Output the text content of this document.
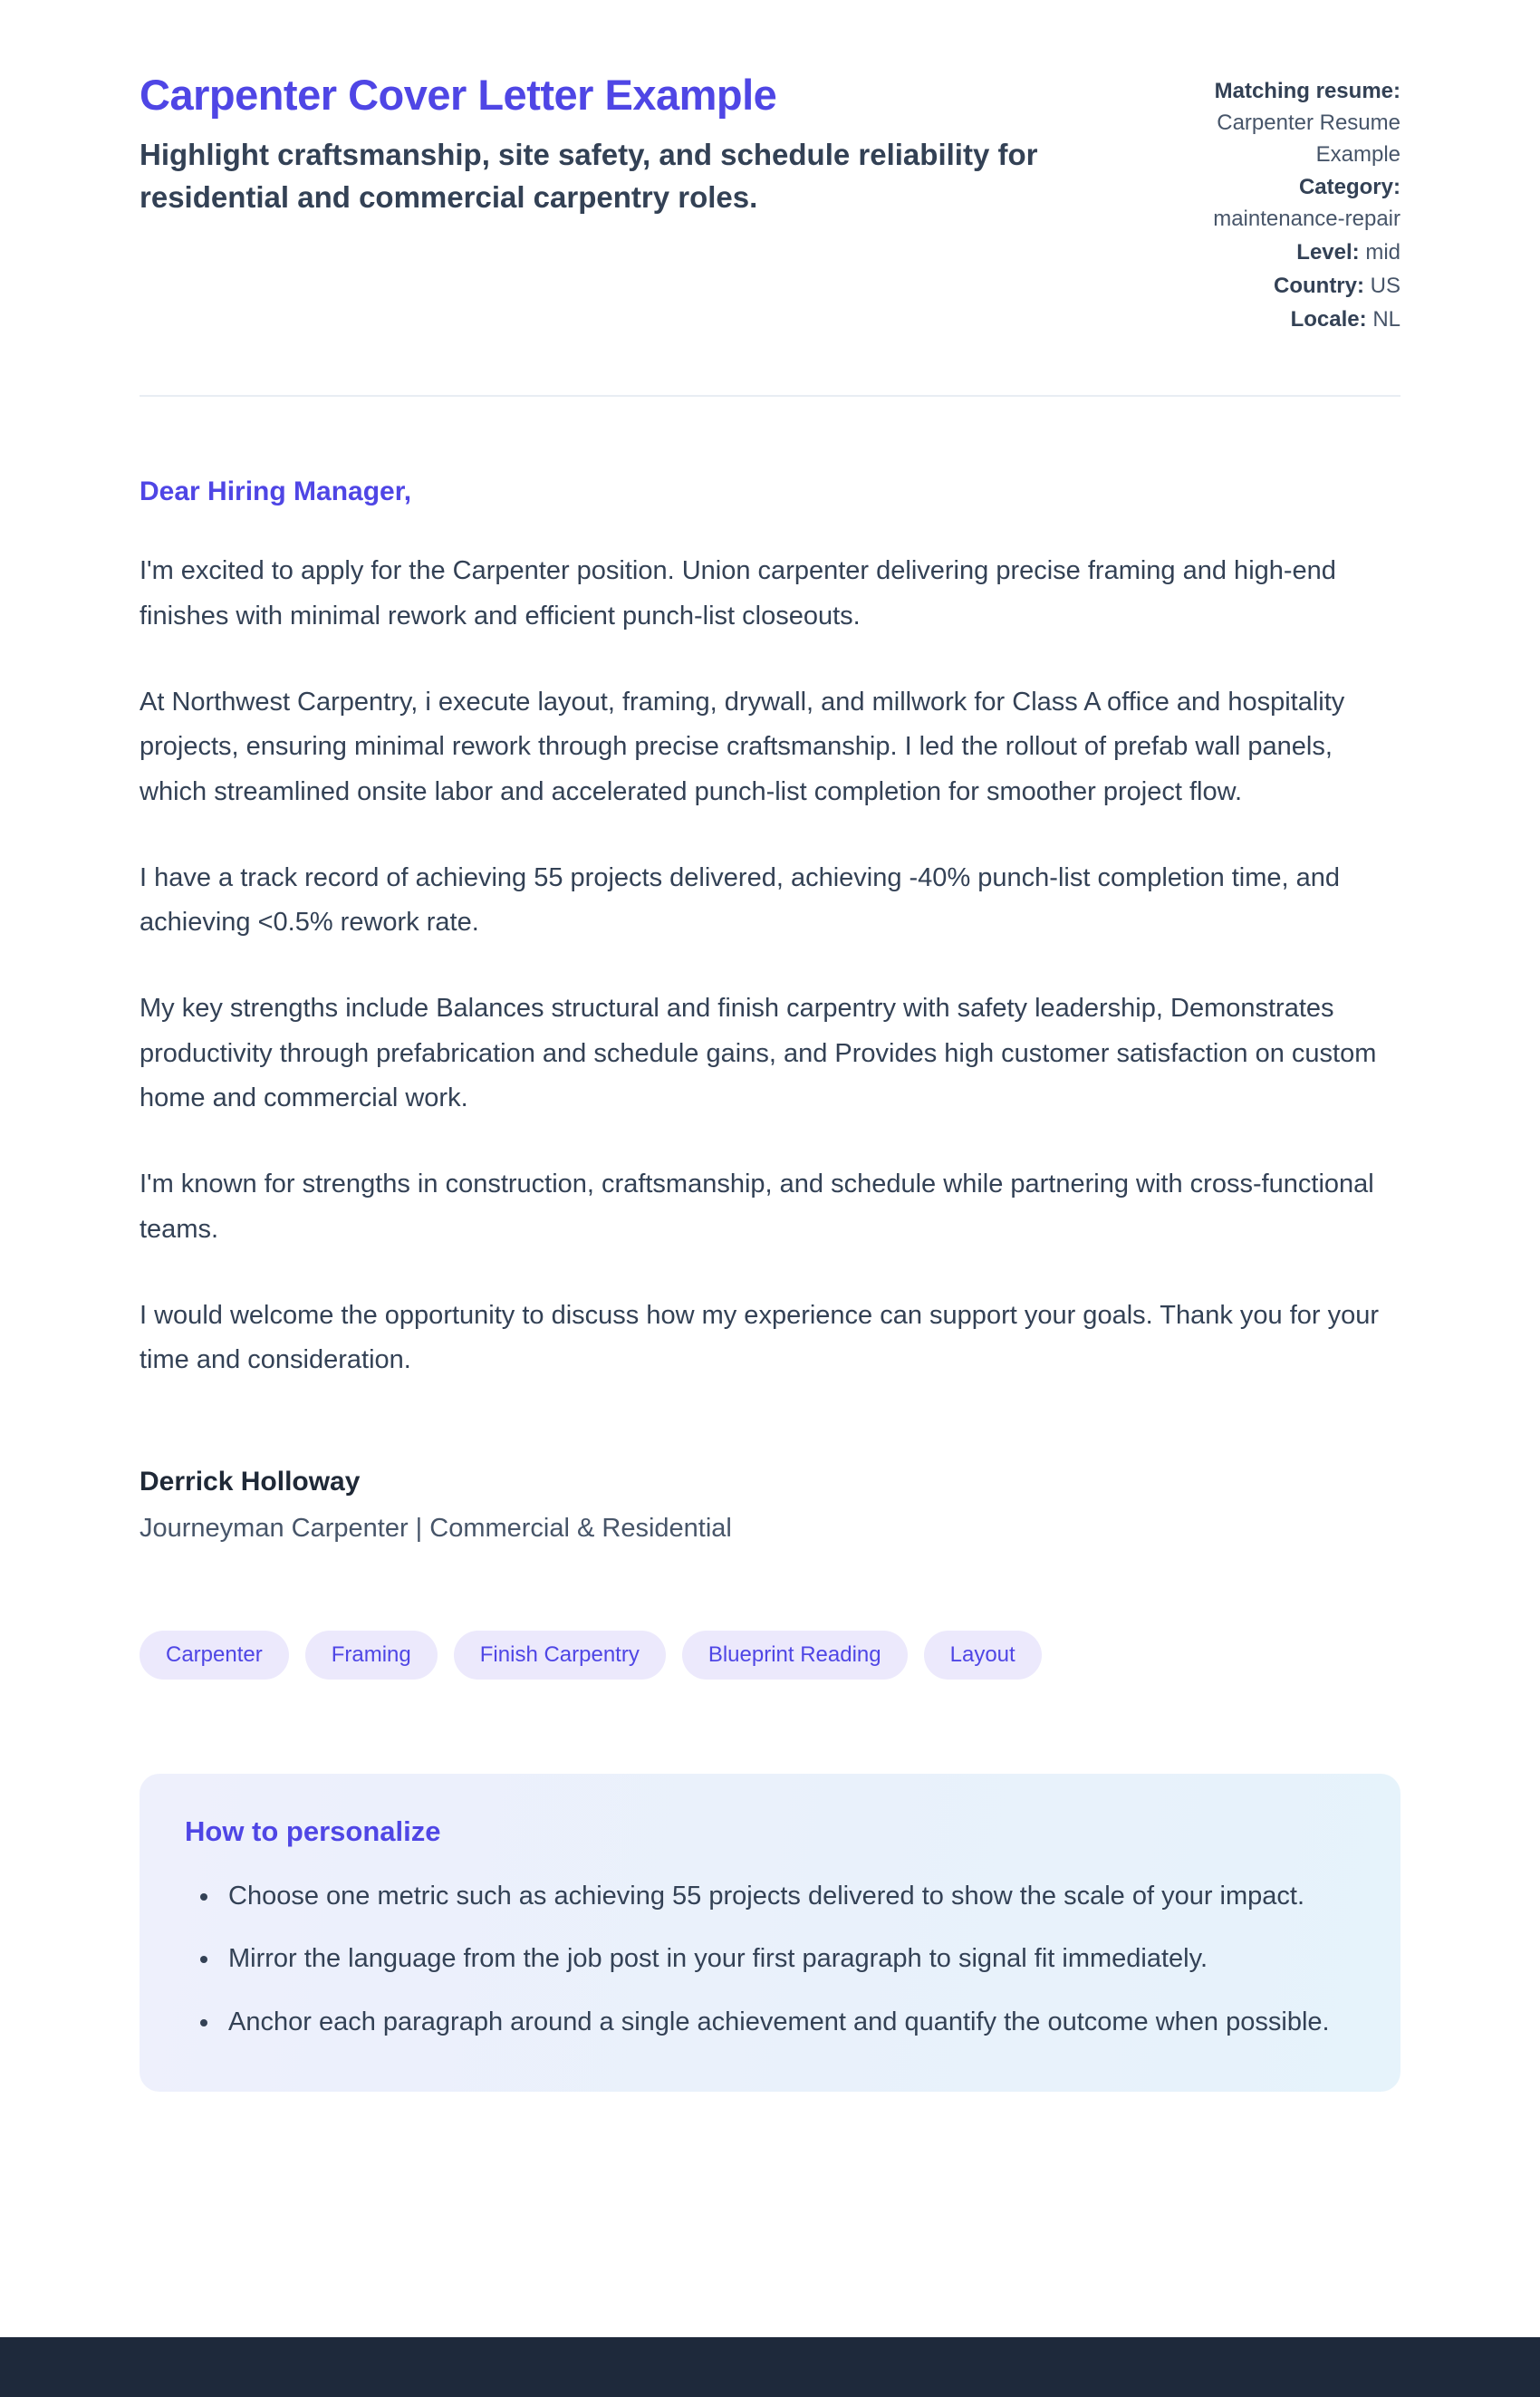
Carpenter Cover Letter Example
Highlight craftsmanship, site safety, and schedule reliability for residential and commercial carpentry roles.
Matching resume: Carpenter Resume Example
Category: maintenance-repair
Level: mid
Country: US
Locale: NL
Dear Hiring Manager,

I'm excited to apply for the Carpenter position. Union carpenter delivering precise framing and high-end finishes with minimal rework and efficient punch-list closeouts.

At Northwest Carpentry, i execute layout, framing, drywall, and millwork for Class A office and hospitality projects, ensuring minimal rework through precise craftsmanship. I led the rollout of prefab wall panels, which streamlined onsite labor and accelerated punch-list completion for smoother project flow.

I have a track record of achieving 55 projects delivered, achieving -40% punch-list completion time, and achieving <0.5% rework rate.

My key strengths include Balances structural and finish carpentry with safety leadership, Demonstrates productivity through prefabrication and schedule gains, and Provides high customer satisfaction on custom home and commercial work.

I'm known for strengths in construction, craftsmanship, and schedule while partnering with cross-functional teams.

I would welcome the opportunity to discuss how my experience can support your goals. Thank you for your time and consideration.

Derrick Holloway
Journeyman Carpenter | Commercial & Residential
Carpenter	Framing	Finish Carpentry	Blueprint Reading	Layout
How to personalize
• Choose one metric such as achieving 55 projects delivered to show the scale of your impact.
• Mirror the language from the job post in your first paragraph to signal fit immediately.
• Anchor each paragraph around a single achievement and quantify the outcome when possible.
